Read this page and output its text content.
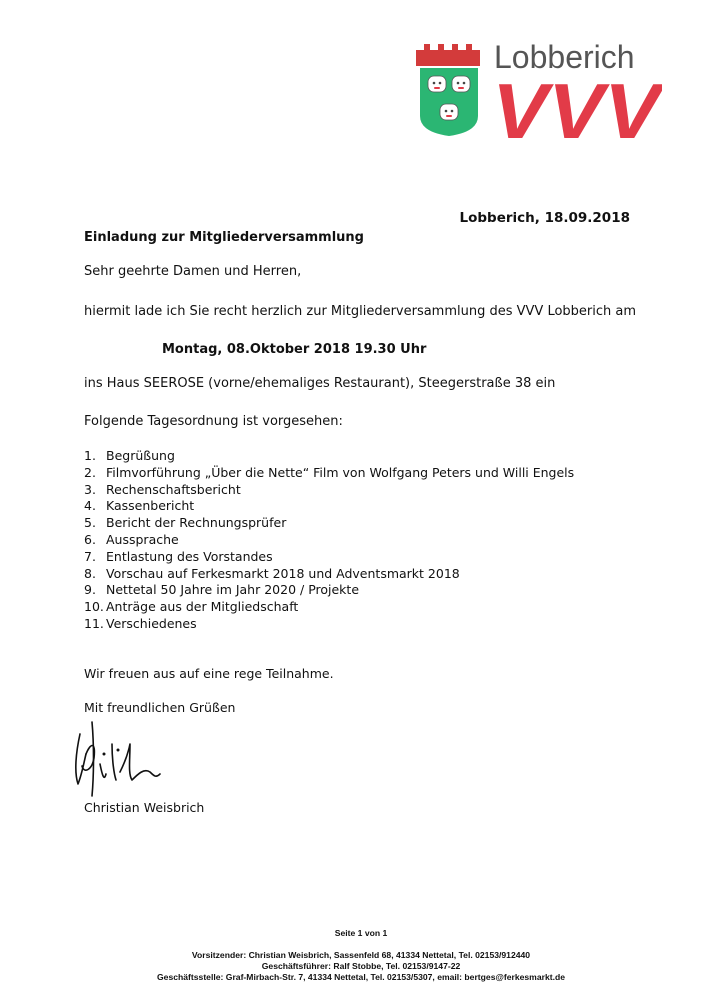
Lobberich
VVV
Lobberich, 18.09.2018
Einladung zur Mitgliederversammlung
Sehr geehrte Damen und Herren,
hiermit lade ich Sie recht herzlich zur Mitgliederversammlung des VVV Lobberich am
Montag, 08.Oktober 2018 19.30 Uhr
ins Haus SEEROSE (vorne/ehemaliges Restaurant), Steegerstraße 38 ein
Folgende Tagesordnung ist vorgesehen:
1. Begrüßung
2. Filmvorführung „Über die Nette“ Film von Wolfgang Peters und Willi Engels
3. Rechenschaftsbericht
4. Kassenbericht
5. Bericht der Rechnungsprüfer
6. Aussprache
7. Entlastung des Vorstandes
8. Vorschau auf Ferkesmarkt 2018 und Adventsmarkt 2018
9. Nettetal 50 Jahre im Jahr 2020 / Projekte
10. Anträge aus der Mitgliedschaft
11. Verschiedenes
Wir freuen aus auf eine rege Teilnahme.
Mit freundlichen Grüßen
Christian Weisbrich
Seite 1 von 1
Vorsitzender: Christian Weisbrich, Sassenfeld 68, 41334 Nettetal, Tel. 02153/912440
Geschäftsführer: Ralf Stobbe, Tel. 02153/9147-22
Geschäftsstelle: Graf-Mirbach-Str. 7, 41334 Nettetal, Tel. 02153/5307, email: bertges@ferkesmarkt.de
